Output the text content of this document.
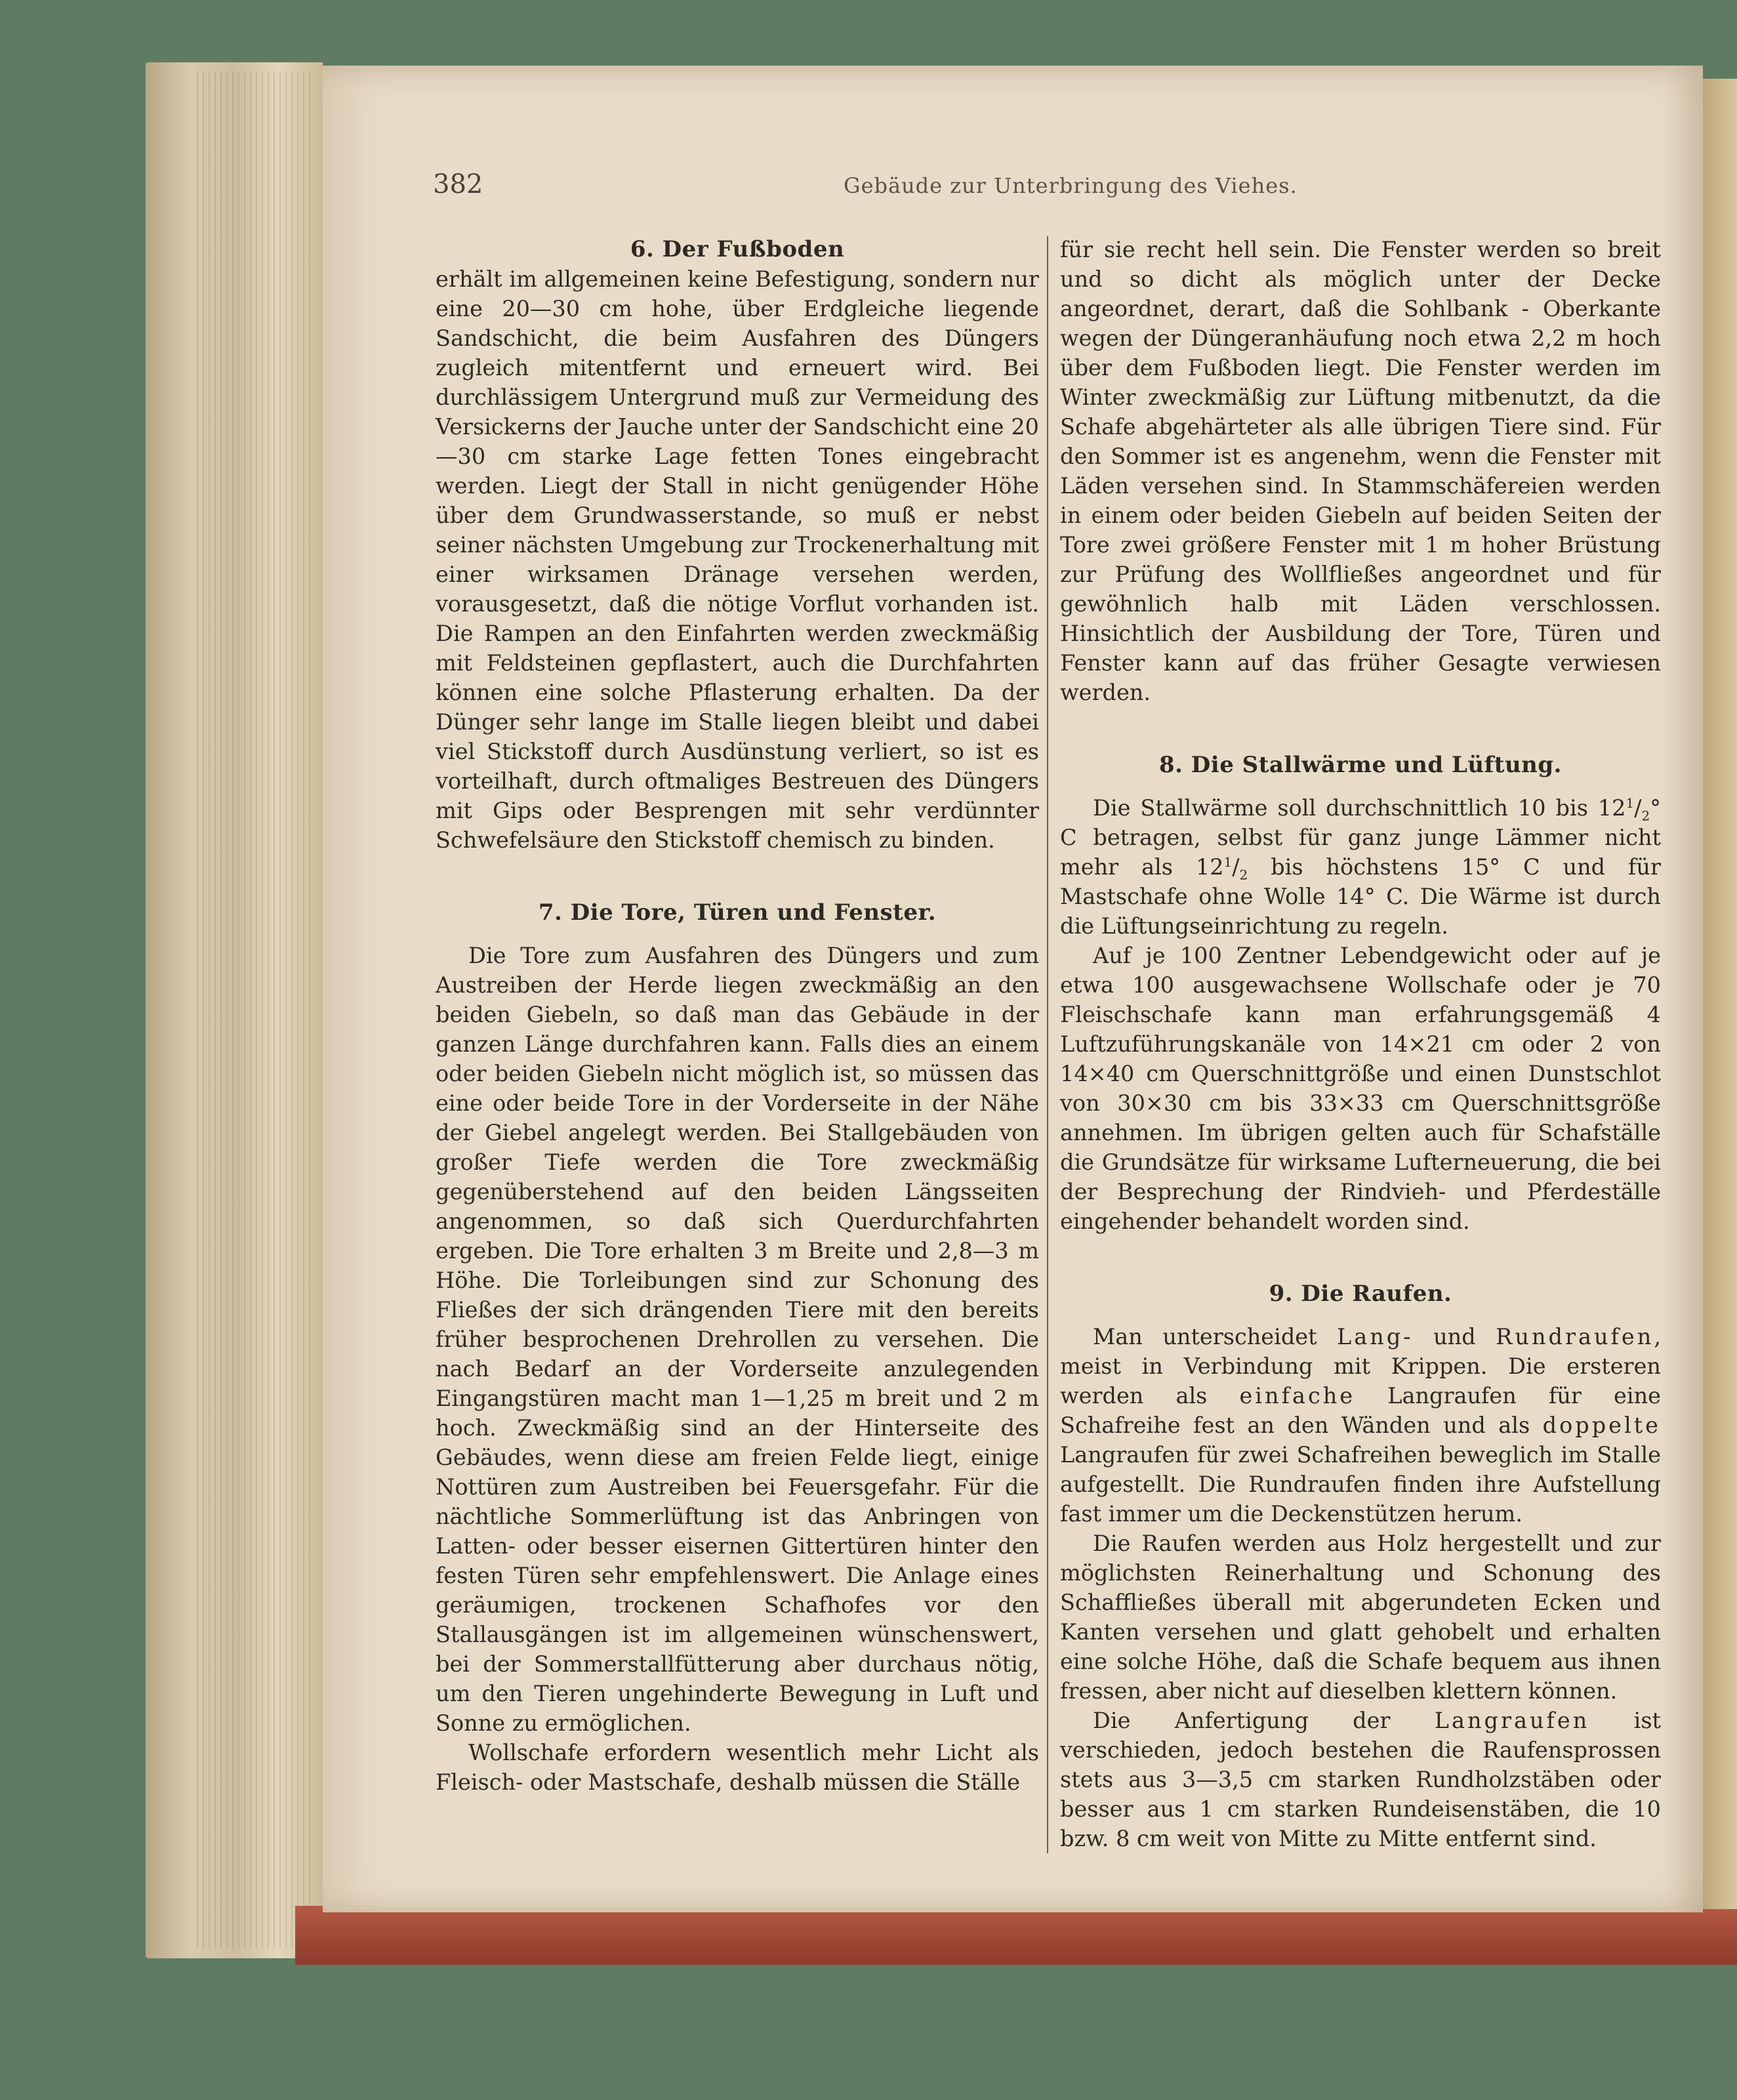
382	Gebäude zur Unterbringung des Viehes.
6. Der Fußboden

erhält im allgemeinen keine Befestigung, sondern nur eine 20—30 cm hohe, über Erdgleiche liegende Sandschicht, die beim Ausfahren des Düngers zugleich mitentfernt und erneuert wird. Bei durchlässigem Untergrund muß zur Vermeidung des Versickerns der Jauche unter der Sandschicht eine 20—30 cm starke Lage fetten Tones eingebracht werden. Liegt der Stall in nicht genügender Höhe über dem Grundwasserstande, so muß er nebst seiner nächsten Umgebung zur Trockenerhaltung mit einer wirksamen Dränage versehen werden, vorausgesetzt, daß die nötige Vorflut vorhanden ist. Die Rampen an den Einfahrten werden zweckmäßig mit Feldsteinen gepflastert, auch die Durchfahrten können eine solche Pflasterung erhalten. Da der Dünger sehr lange im Stalle liegen bleibt und dabei viel Stickstoff durch Ausdünstung verliert, so ist es vorteilhaft, durch oftmaliges Bestreuen des Düngers mit Gips oder Besprengen mit sehr verdünnter Schwefelsäure den Stickstoff chemisch zu binden.

7. Die Tore, Türen und Fenster.

Die Tore zum Ausfahren des Düngers und zum Austreiben der Herde liegen zweckmäßig an den beiden Giebeln, so daß man das Gebäude in der ganzen Länge durchfahren kann. Falls dies an einem oder beiden Giebeln nicht möglich ist, so müssen das eine oder beide Tore in der Vorderseite in der Nähe der Giebel angelegt werden. Bei Stallgebäuden von großer Tiefe werden die Tore zweckmäßig gegenüberstehend auf den beiden Längsseiten angenommen, so daß sich Querdurchfahrten ergeben. Die Tore erhalten 3 m Breite und 2,8—3 m Höhe. Die Torleibungen sind zur Schonung des Fließes der sich drängenden Tiere mit den bereits früher besprochenen Drehrollen zu versehen. Die nach Bedarf an der Vorderseite anzulegenden Eingangstüren macht man 1—1,25 m breit und 2 m hoch. Zweckmäßig sind an der Hinterseite des Gebäudes, wenn diese am freien Felde liegt, einige Nottüren zum Austreiben bei Feuersgefahr. Für die nächtliche Sommerlüftung ist das Anbringen von Latten- oder besser eisernen Gittertüren hinter den festen Türen sehr empfehlenswert. Die Anlage eines geräumigen, trockenen Schafhofes vor den Stallausgängen ist im allgemeinen wünschenswert, bei der Sommerstallfütterung aber durchaus nötig, um den Tieren ungehinderte Bewegung in Luft und Sonne zu ermöglichen.

Wollschafe erfordern wesentlich mehr Licht als Fleisch- oder Mastschafe, deshalb müssen die Ställe

für sie recht hell sein. Die Fenster werden so breit und so dicht als möglich unter der Decke angeordnet, derart, daß die Sohlbank - Oberkante wegen der Düngeranhäufung noch etwa 2,2 m hoch über dem Fußboden liegt. Die Fenster werden im Winter zweckmäßig zur Lüftung mitbenutzt, da die Schafe abgehärteter als alle übrigen Tiere sind. Für den Sommer ist es angenehm, wenn die Fenster mit Läden versehen sind. In Stammschäfereien werden in einem oder beiden Giebeln auf beiden Seiten der Tore zwei größere Fenster mit 1 m hoher Brüstung zur Prüfung des Wollfließes angeordnet und für gewöhnlich halb mit Läden verschlossen. Hinsichtlich der Ausbildung der Tore, Türen und Fenster kann auf das früher Gesagte verwiesen werden.

8. Die Stallwärme und Lüftung.

Die Stallwärme soll durchschnittlich 10 bis $12^1/_2^\circ$ C betragen, selbst für ganz junge Lämmer nicht mehr als $12^1/_2$ bis höchstens 15° C und für Mastschafe ohne Wolle 14° C. Die Wärme ist durch die Lüftungseinrichtung zu regeln.

Auf je 100 Zentner Lebendgewicht oder auf je etwa 100 ausgewachsene Wollschafe oder je 70 Fleischschafe kann man erfahrungsgemäß 4 Luftzuführungskanäle von 14×21 cm oder 2 von 14×40 cm Querschnittgröße und einen Dunstschlot von 30×30 cm bis 33×33 cm Querschnittsgröße annehmen. Im übrigen gelten auch für Schafställe die Grundsätze für wirksame Lufterneuerung, die bei der Besprechung der Rindvieh- und Pferdeställe eingehender behandelt worden sind.

9. Die Raufen.

Man unterscheidet Lang- und Rundraufen, meist in Verbindung mit Krippen. Die ersteren werden als einfache Langraufen für eine Schafreihe fest an den Wänden und als doppelte Langraufen für zwei Schafreihen beweglich im Stalle aufgestellt. Die Rundraufen finden ihre Aufstellung fast immer um die Deckenstützen herum.

Die Raufen werden aus Holz hergestellt und zur möglichsten Reinerhaltung und Schonung des Schaffließes überall mit abgerundeten Ecken und Kanten versehen und glatt gehobelt und erhalten eine solche Höhe, daß die Schafe bequem aus ihnen fressen, aber nicht auf dieselben klettern können.

Die Anfertigung der Langraufen ist verschieden, jedoch bestehen die Raufensprossen stets aus 3—3,5 cm starken Rundholzstäben oder besser aus 1 cm starken Rundeisenstäben, die 10 bzw. 8 cm weit von Mitte zu Mitte entfernt sind.
